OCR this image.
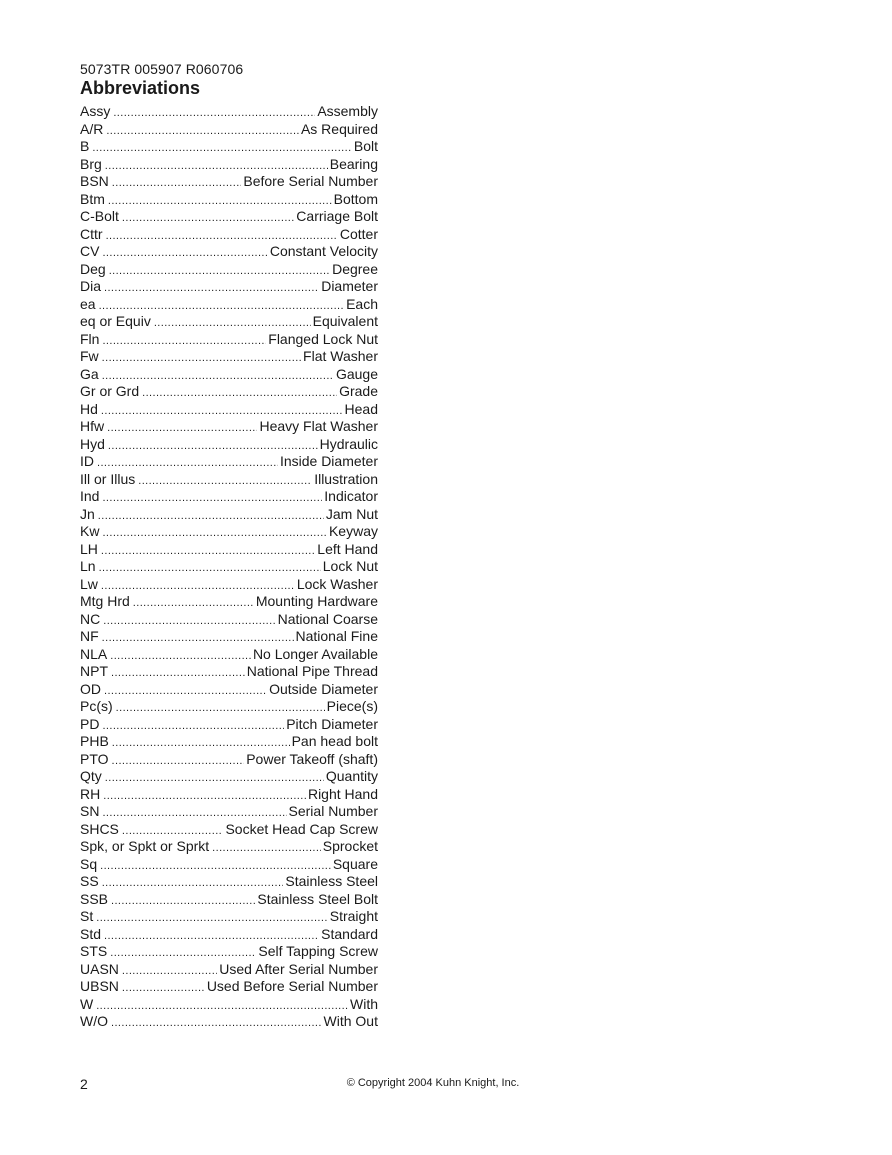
5073TR 005907 R060706
Abbreviations
Assy .....	Assembly
A/R .....	As Required
B .....	Bolt
Brg .....	Bearing
BSN .....	Before Serial Number
Btm .....	Bottom
C-Bolt .....	Carriage Bolt
Cttr .....	Cotter
CV .....	Constant Velocity
Deg .....	Degree
Dia .....	Diameter
ea .....	Each
eq or Equiv .....	Equivalent
Fln .....	Flanged Lock Nut
Fw .....	Flat Washer
Ga .....	Gauge
Gr or Grd .....	Grade
Hd .....	Head
Hfw .....	Heavy Flat Washer
Hyd .....	Hydraulic
ID .....	Inside Diameter
Ill or Illus .....	Illustration
Ind .....	Indicator
Jn .....	Jam Nut
Kw .....	Keyway
LH .....	Left Hand
Ln .....	Lock Nut
Lw .....	Lock Washer
Mtg Hrd .....	Mounting Hardware
NC .....	National Coarse
NF .....	National Fine
NLA .....	No Longer Available
NPT .....	National Pipe Thread
OD .....	Outside Diameter
Pc(s) .....	Piece(s)
PD .....	Pitch Diameter
PHB .....	Pan head bolt
PTO .....	Power Takeoff (shaft)
Qty .....	Quantity
RH .....	Right Hand
SN .....	Serial Number
SHCS .....	Socket Head Cap Screw
Spk, or Spkt or Sprkt .....	Sprocket
Sq .....	Square
SS .....	Stainless Steel
SSB .....	Stainless Steel Bolt
St .....	Straight
Std .....	Standard
STS .....	Self Tapping Screw
UASN .....	Used After Serial Number
UBSN .....	Used Before Serial Number
W .....	With
W/O .....	With Out
2	© Copyright 2004 Kuhn Knight, Inc.
